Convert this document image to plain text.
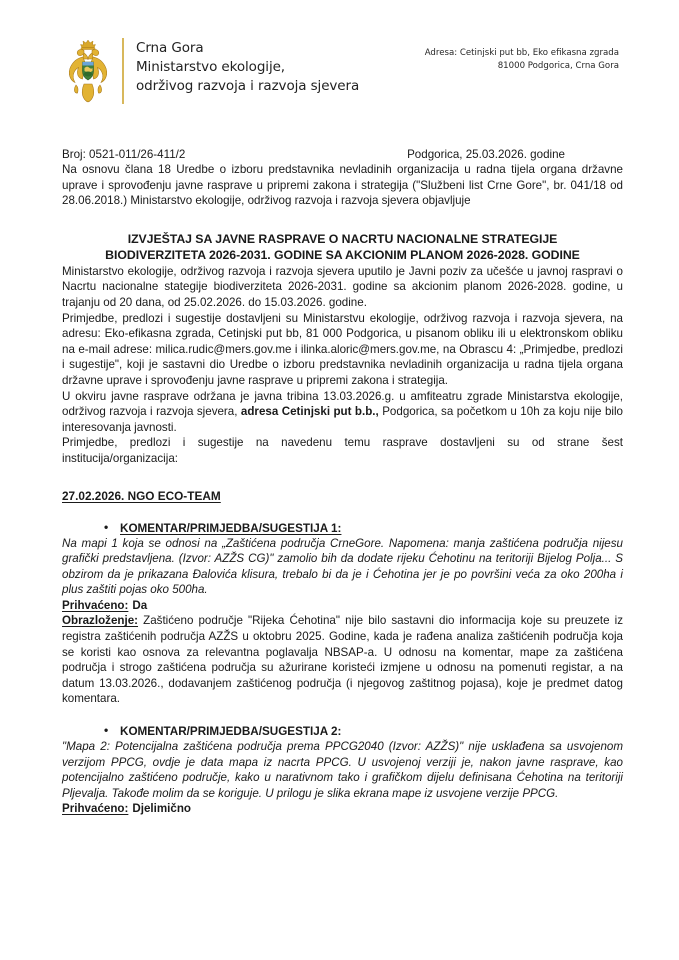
Crna Gora
Ministarstvo ekologije,
održivog razvoja i razvoja sjevera
Adresa: Cetinjski put bb, Eko efikasna zgrada
81000 Podgorica, Crna Gora
Broj: 0521-011/26-411/2	Podgorica, 25.03.2026. godine

Na osnovu člana 18 Uredbe o izboru predstavnika nevladinih organizacija u radna tijela organa državne uprave i sprovođenju javne rasprave u pripremi zakona i strategija ("Službeni list Crne Gore", br. 041/18 od 28.06.2018.) Ministarstvo ekologije, održivog razvoja i razvoja sjevera objavljuje

IZVJEŠTAJ SA JAVNE RASPRAVE O NACRTU NACIONALNE STRATEGIJE
BIODIVERZITETA 2026-2031. GODINE SA AKCIONIM PLANOM 2026-2028. GODINE

Ministarstvo ekologije, održivog razvoja i razvoja sjevera uputilo je Javni poziv za učešće u javnoj raspravi o Nacrtu nacionalne stategije biodiverziteta 2026-2031. godine sa akcionim planom 2026-2028. godine, u trajanju od 20 dana, od 25.02.2026. do 15.03.2026. godine.

Primjedbe, predlozi i sugestije dostavljeni su Ministarstvu ekologije, održivog razvoja i razvoja sjevera, na adresu: Eko-efikasna zgrada, Cetinjski put bb, 81 000 Podgorica, u pisanom obliku ili u elektronskom obliku na e-mail adrese: milica.rudic@mers.gov.me i ilinka.aloric@mers.gov.me, na Obrascu 4: „Primjedbe, predlozi i sugestije", koji je sastavni dio Uredbe o izboru predstavnika nevladinih organizacija u radna tijela organa državne uprave i sprovođenju javne rasprave u pripremi zakona i strategija.

U okviru javne rasprave održana je javna tribina 13.03.2026.g. u amfiteatru zgrade Ministarstva ekologije, održivog razvoja i razvoja sjevera, adresa Cetinjski put b.b., Podgorica, sa početkom u 10h za koju nije bilo interesovanja javnosti.

Primjedbe, predlozi i sugestije na navedenu temu rasprave dostavljeni su od strane šest institucija/organizacija:

27.02.2026. NGO ECO-TEAM
• KOMENTAR/PRIMJEDBA/SUGESTIJA 1:

Na mapi 1 koja se odnosi na „Zaštićena područja CrneGore. Napomena: manja zaštićena područja nijesu grafički predstavljena. (Izvor: AZŽS CG)" zamolio bih da dodate rijeku Ćehotinu na teritoriji Bijelog Polja... S obzirom da je prikazana Đalovića klisura, trebalo bi da je i Ćehotina jer je po površini veća za oko 200ha i plus zaštiti pojas oko 500ha.

Prihvaćeno: Da

Obrazloženje: Zaštićeno područje "Rijeka Ćehotina" nije bilo sastavni dio informacija koje su preuzete iz registra zaštićenih područja AZŽS u oktobru 2025. Godine, kada je rađena analiza zaštićenih područja koja se koristi kao osnova za relevantna poglavalja NBSAP-a. U odnosu na komentar, mape za zaštićena područja i strogo zaštićena područja su ažurirane koristeći izmjene u odnosu na pomenuti registar, a na datum 13.03.2026., dodavanjem zaštićenog područja (i njegovog zaštitnog pojasa), koje je predmet datog komentara.

• KOMENTAR/PRIMJEDBA/SUGESTIJA 2:

"Mapa 2: Potencijalna zaštićena područja prema PPCG2040 (Izvor: AZŽS)" nije usklađena sa usvojenom verzijom PPCG, ovdje je data mapa iz nacrta PPCG. U usvojenoj verziji je, nakon javne rasprave, kao potencijalno zaštićeno područje, kako u narativnom tako i grafičkom dijelu definisana Ćehotina na teritoriji Pljevalja. Takođe molim da se koriguje. U prilogu je slika ekrana mape iz usvojene verzije PPCG.

Prihvaćeno: Djelimično
